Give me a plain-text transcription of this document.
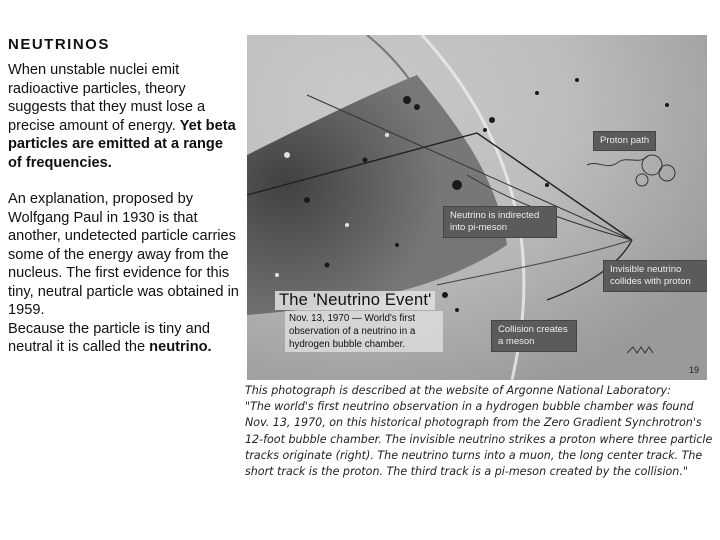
NEUTRINOS

When unstable nuclei emit radioactive particles, theory suggests that they must lose a precise amount of energy. Yet beta particles are emitted at a range of frequencies.

An explanation, proposed by Wolfgang Paul in 1930 is that another, undetected particle carries some of the energy away from the nucleus. The first evidence for this tiny, neutral particle was obtained in 1959.

Because the particle is tiny and neutral it is called the neutrino.

Proton path
Neutrino is indirected into pi-meson
Invisible neutrino collides with proton
Collision creates a meson
The 'Neutrino Event'
Nov. 13, 1970 — World's first observation of a neutrino in a hydrogen bubble chamber.
19

This photograph is described at the website of Argonne National Laboratory:

"The world's first neutrino observation in a hydrogen bubble chamber was found Nov. 13, 1970, on this historical photograph from the Zero Gradient Synchrotron's 12-foot bubble chamber. The invisible neutrino strikes a proton where three particle tracks originate (right). The neutrino turns into a muon, the long center track. The short track is the proton. The third track is a pi-meson created by the collision."
